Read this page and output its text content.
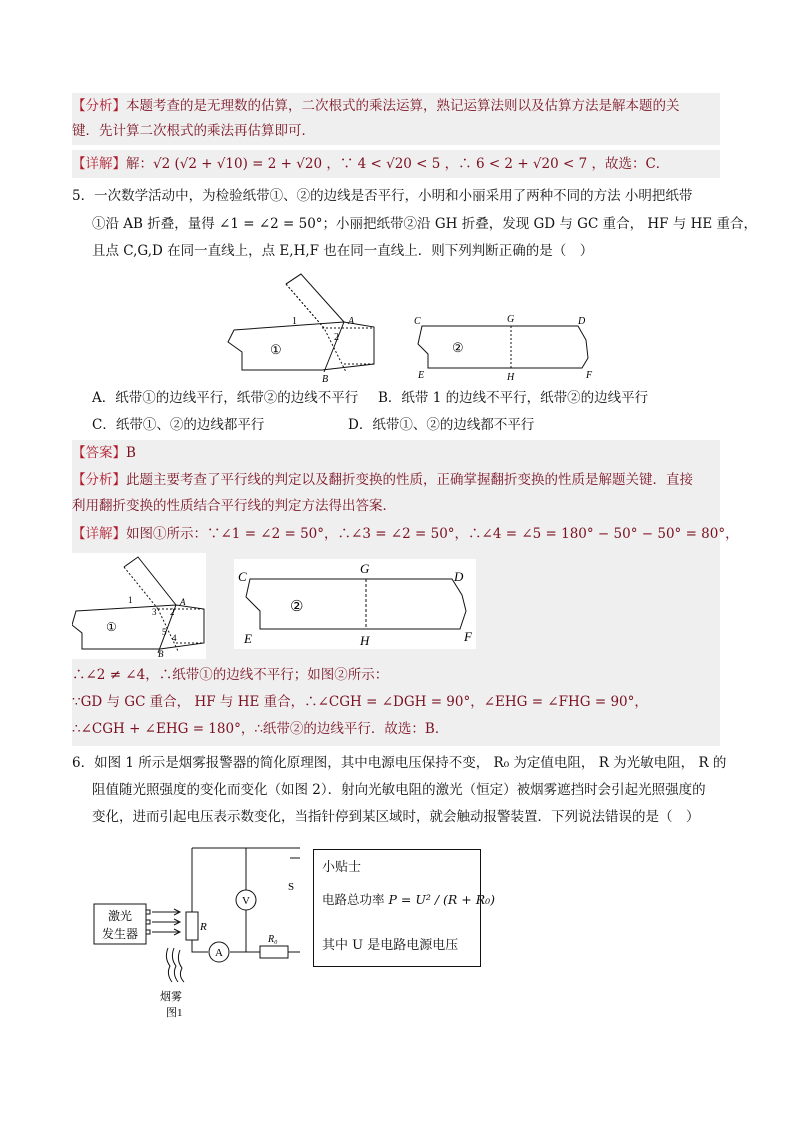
【分析】本题考查的是无理数的估算，二次根式的乘法运算，熟记运算法则以及估算方法是解本题的关
键．先计算二次根式的乘法再估算即可．
【详解】解：√2 (√2 + √10) = 2 + √20 ，∵ 4 < √20 < 5 ，∴ 6 < 2 + √20 < 7 ，故选：C．
5．一次数学活动中，为检验纸带①、②的边线是否平行，小明和小丽采用了两种不同的方法 小明把纸带
①沿 AB 折叠，量得 ∠1 = ∠2 = 50°；小丽把纸带②沿 GH 折叠，发现 GD 与 GC 重合， HF 与 HE 重合，
且点 C,G,D 在同一直线上，点 E,H,F 也在同一直线上．则下列判断正确的是（　）
1
2
A
B
①
C	D
G
E	H	F
②
A．纸带①的边线平行，纸带②的边线不平行	B．纸带 1 的边线不平行，纸带②的边线平行
C．纸带①、②的边线都平行	D．纸带①、②的边线都不平行
【答案】B
【分析】此题主要考查了平行线的判定以及翻折变换的性质，正确掌握翻折变换的性质是解题关键．直接
利用翻折变换的性质结合平行线的判定方法得出答案．
【详解】如图①所示：∵∠1 = ∠2 = 50°，∴∠3 = ∠2 = 50°，∴∠4 = ∠5 = 180° − 50° − 50° = 80°，
1
3 2
5
4
A
B
①
C	D
G
E	H	F
②
∴∠2 ≠ ∠4，∴纸带①的边线不平行；如图②所示：
∵GD 与 GC 重合， HF 与 HE 重合，∴∠CGH = ∠DGH = 90°，∠EHG = ∠FHG = 90°，
∴∠CGH + ∠EHG = 180°，∴纸带②的边线平行．故选：B．
6．如图 1 所示是烟雾报警器的简化原理图，其中电源电压保持不变， R₀ 为定值电阻， R 为光敏电阻， R 的
阻值随光照强度的变化而变化（如图 2）．射向光敏电阻的激光（恒定）被烟雾遮挡时会引起光照强度的
变化，进而引起电压表示数变化，当指针停到某区域时，就会触动报警装置．下列说法错误的是（　）
激光
发生器	R
A
V
R₀
S
烟雾
图1
小贴士
电路总功率 P = U² / (R + R₀)
其中 U 是电路电源电压
